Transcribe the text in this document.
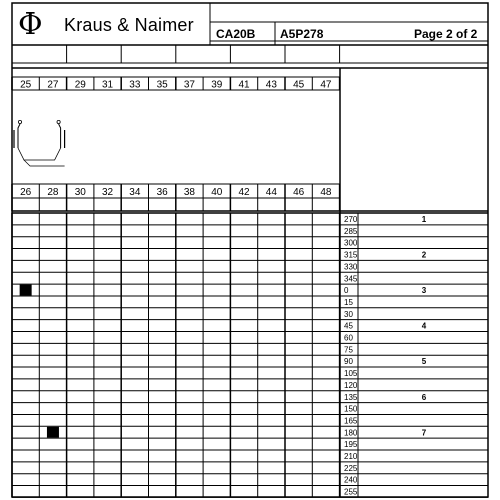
Φ Kraus & Naimer CA20B A5P278	Page 2 of 2
25 27 29 31 33 35 37 39 41 43 45 47
26 28 30 32 34 36 38 40 42 44 46 48
270	1
285
300
315	2
330
345
0	3
15
30
45	4
60
75
90	5
105
120
135	6
150
165
180	7
195
210
225
240
255
